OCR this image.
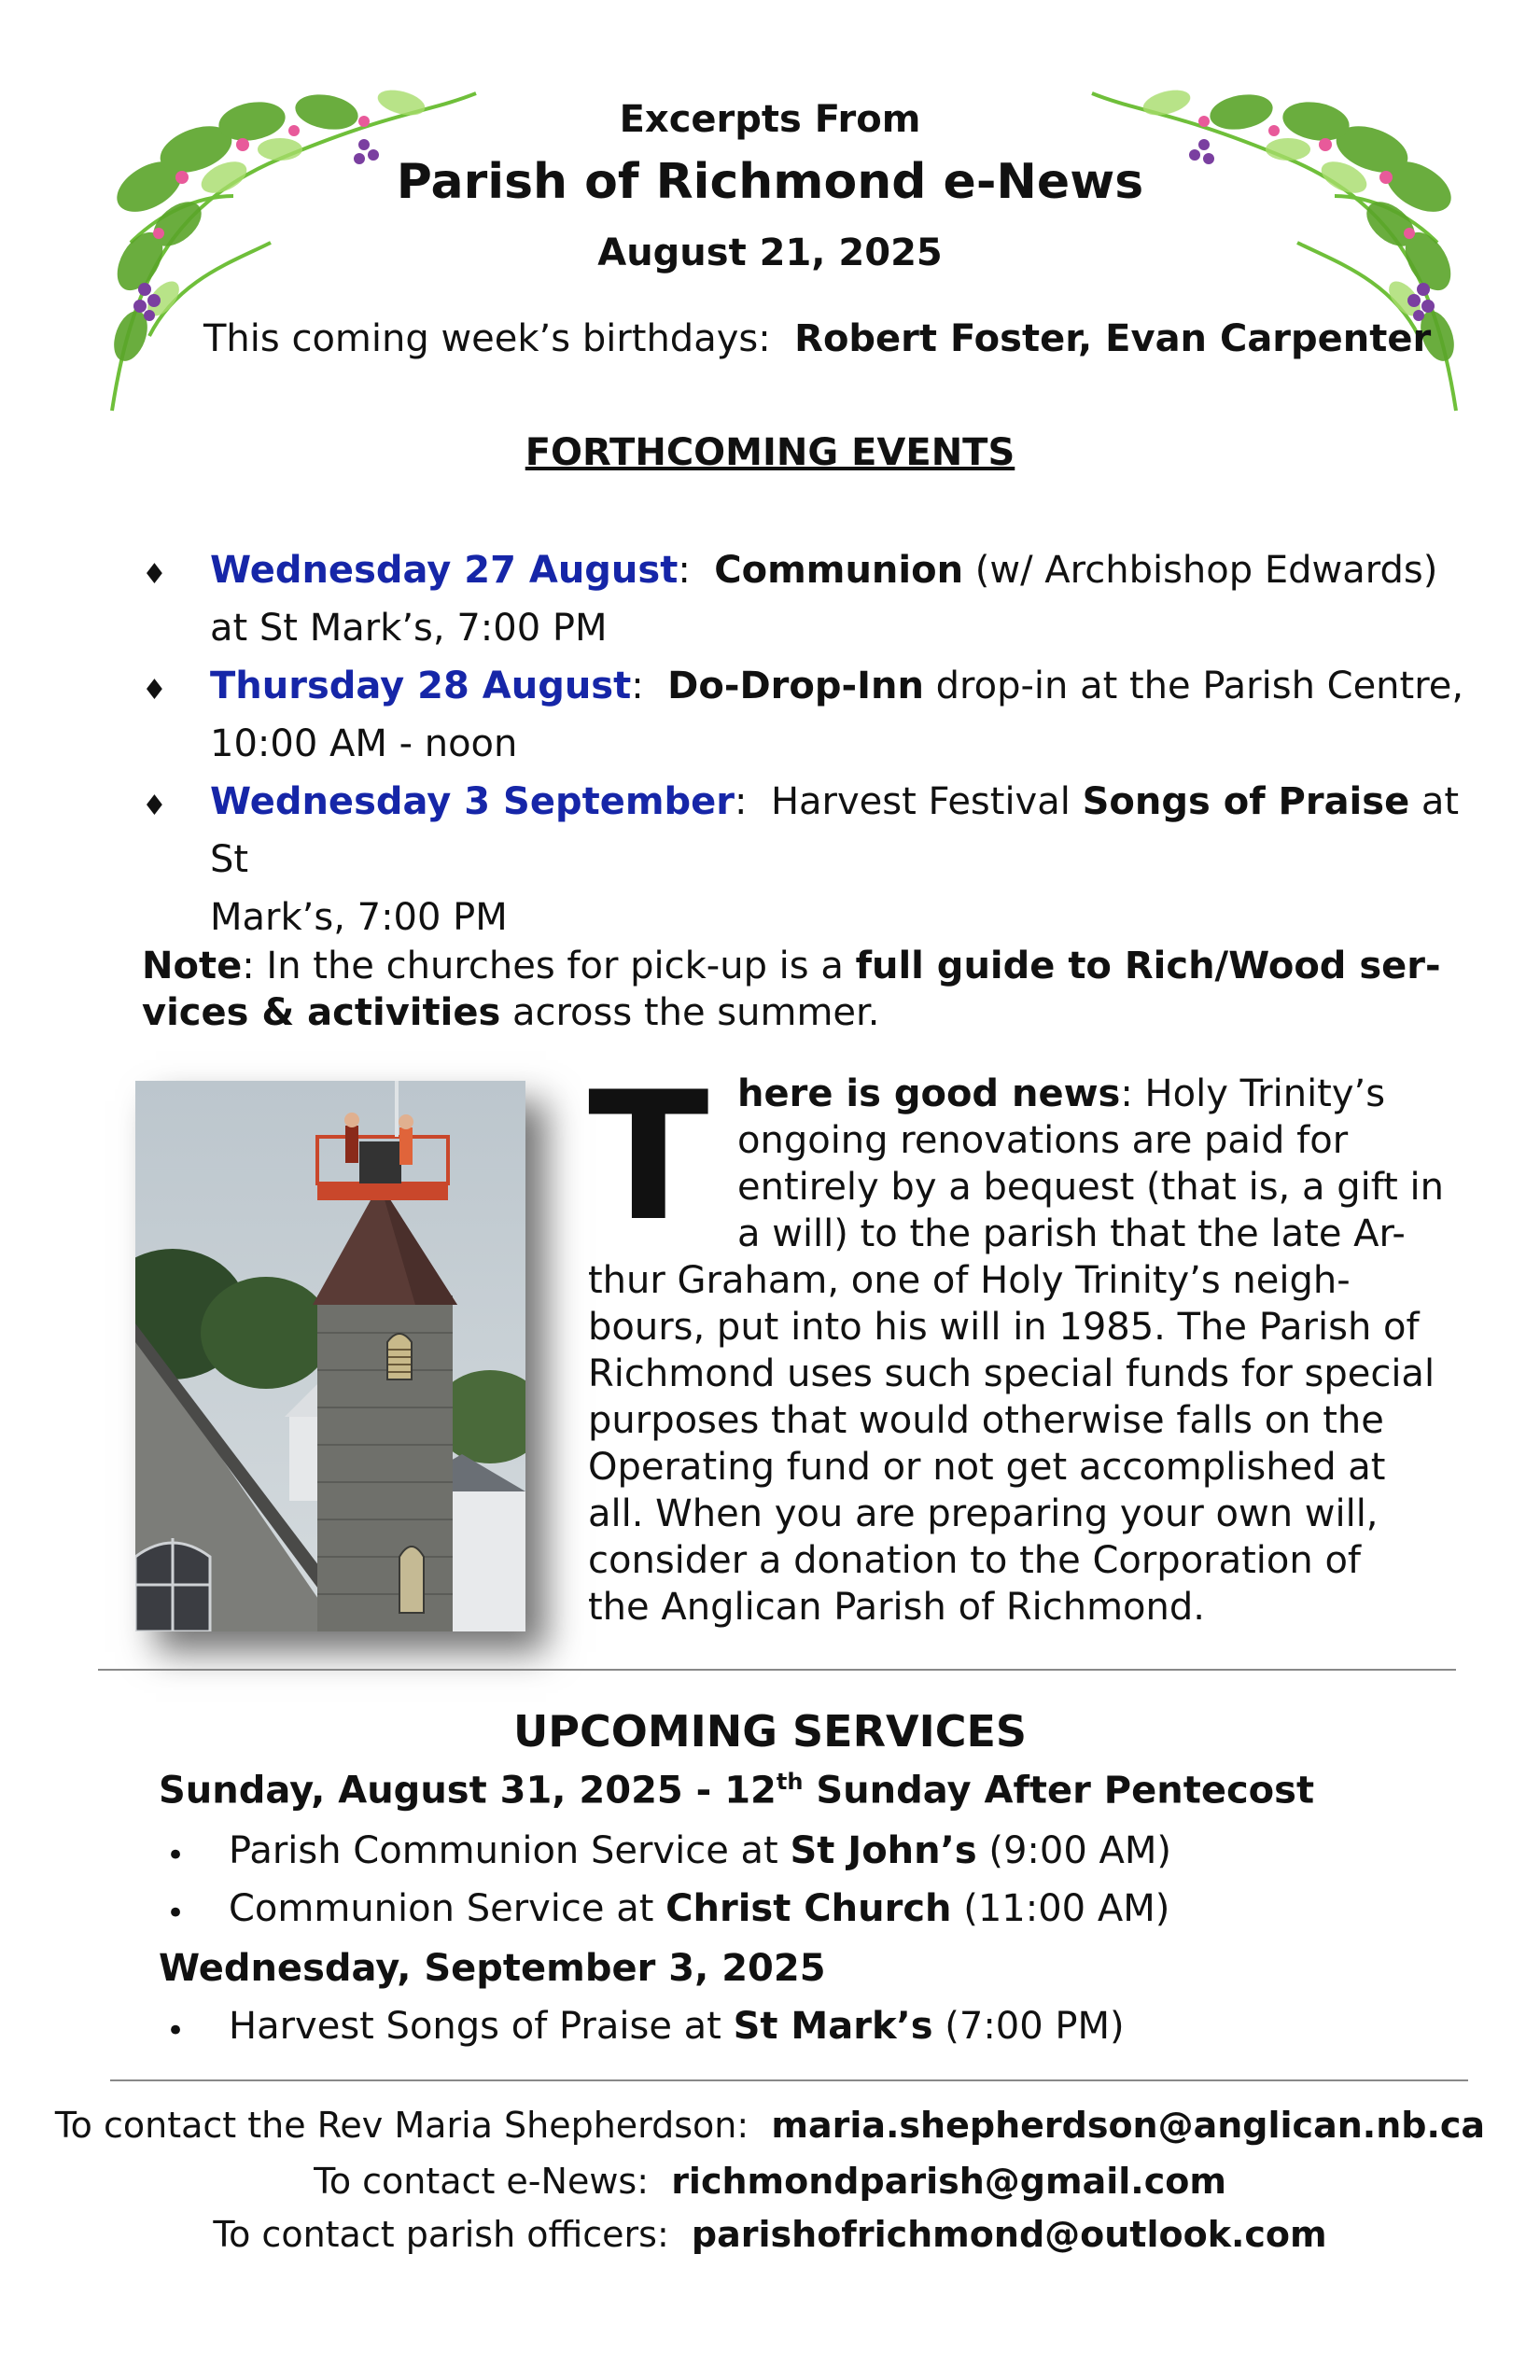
Excerpts From
Parish of Richmond e-News
August 21, 2025
This coming week’s birthdays: Robert Foster, Evan Carpenter
FORTHCOMING EVENTS
♦ Wednesday 27 August: Communion (w/ Archbishop Edwards)
at St Mark’s, 7:00 PM
♦ Thursday 28 August: Do-Drop-Inn drop-in at the Parish Centre,
10:00 AM - noon
♦ Wednesday 3 September: Harvest Festival Songs of Praise at St
Mark’s, 7:00 PM
Note: In the churches for pick-up is a full guide to Rich/Wood ser-
vices & activities across the summer.
T here is good news: Holy Trinity’s
ongoing renovations are paid for
entirely by a bequest (that is, a gift in
a will) to the parish that the late Ar-
thur Graham, one of Holy Trinity’s neigh-
bours, put into his will in 1985. The Parish of
Richmond uses such special funds for special
purposes that would otherwise falls on the
Operating fund or not get accomplished at
all. When you are preparing your own will,
consider a donation to the Corporation of
the Anglican Parish of Richmond.
UPCOMING SERVICES
Sunday, August 31, 2025 - 12th Sunday After Pentecost
• Parish Communion Service at St John’s (9:00 AM)
• Communion Service at Christ Church (11:00 AM)
Wednesday, September 3, 2025
• Harvest Songs of Praise at St Mark’s (7:00 PM)
To contact the Rev Maria Shepherdson: maria.shepherdson@anglican.nb.ca
To contact e-News: richmondparish@gmail.com
To contact parish officers: parishofrichmond@outlook.com
